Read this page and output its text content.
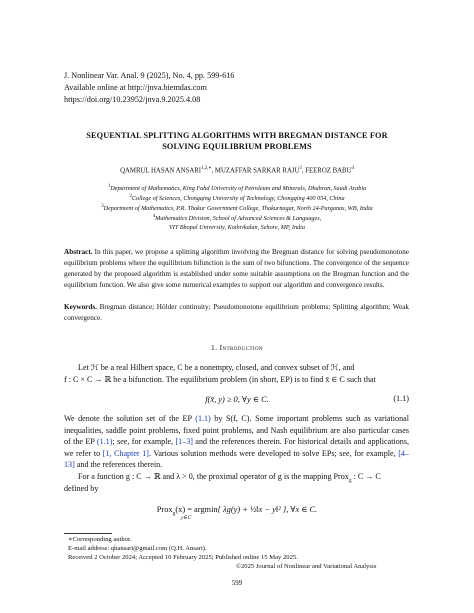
J. Nonlinear Var. Anal. 9 (2025), No. 4, pp. 599-616
Available online at http://jnva.biemdas.com
https://doi.org/10.23952/jnva.9.2025.4.08
SEQUENTIAL SPLITTING ALGORITHMS WITH BREGMAN DISTANCE FOR
SOLVING EQUILIBRIUM PROBLEMS
QAMRUL HASAN $ANSARI^{1,2,∗}$, MUZAFFAR SARKAR RAJU$^3$, FEEROZ BABU$^4$
$^1$Department of Mathematics, King Fahd University of Petroleum and Minerals, Dhahran, Saudi Arabia
$^2$College of Sciences, Chongqing University of Technology, Chongqing 400 054, China
$^3$Department of Mathematics, P.R. Thakur Government College, Thakurnagar, North 24-Parganas, WB, India
$^4$Mathematics Division, School of Advanced Sciences & Languages,
VIT Bhopal University, Kothrikalan, Sehore, MP, India
Abstract. In this paper, we propose a splitting algorithm involving the Bregman distance for solving pseudomonotone equilibrium problems where the equilibrium bifunction is the sum of two bifunctions. The convergence of the sequence generated by the proposed algorithm is established under some suitable assumptions on the Bregman function and the equilibrium function. We also give some numerical examples to support our algorithm and convergence results.
Keywords. Bregman distance; Hölder continuity; Pseudomonotone equilibrium problems; Splitting algorithm; Weak convergence.
1. Introduction
Let ℋ be a real Hilbert space, C be a nonempty, closed, and convex subset of ℋ, and
f : C × C → ℝ be a bifunction. The equilibrium problem (in short, EP) is to find x̄ ∈ C such that
f(x̄, y) ≥ 0, ∀y ∈ C.	(1.1)
We denote the solution set of the EP (1.1) by S(f, C). Some important problems such as variational inequalities, saddle point problems, fixed point problems, and Nash equilibrium are also particular cases of the EP (1.1); see, for example, [1–3] and the references therein. For historical details and applications, we refer to [1, Chapter 1]. Various solution methods were developed to solve EPs; see, for example, [4–13] and the references therein.
For a function g : C → ℝ and λ > 0, the proximal operator of g is the mapping Prox$_g$ : C → C
defined by
Prox$_g$(x) = argmin{ λg(y) + ½‖x − y‖² }, ∀x ∈ C.
y∈C
∗Corresponding author.
E-mail address: qhansari@gmail.com (Q.H. Ansari).
Received 2 October 2024; Accepted 10 February 2025; Published online 15 May 2025.
©2025 Journal of Nonlinear and Variational Analysis
599
